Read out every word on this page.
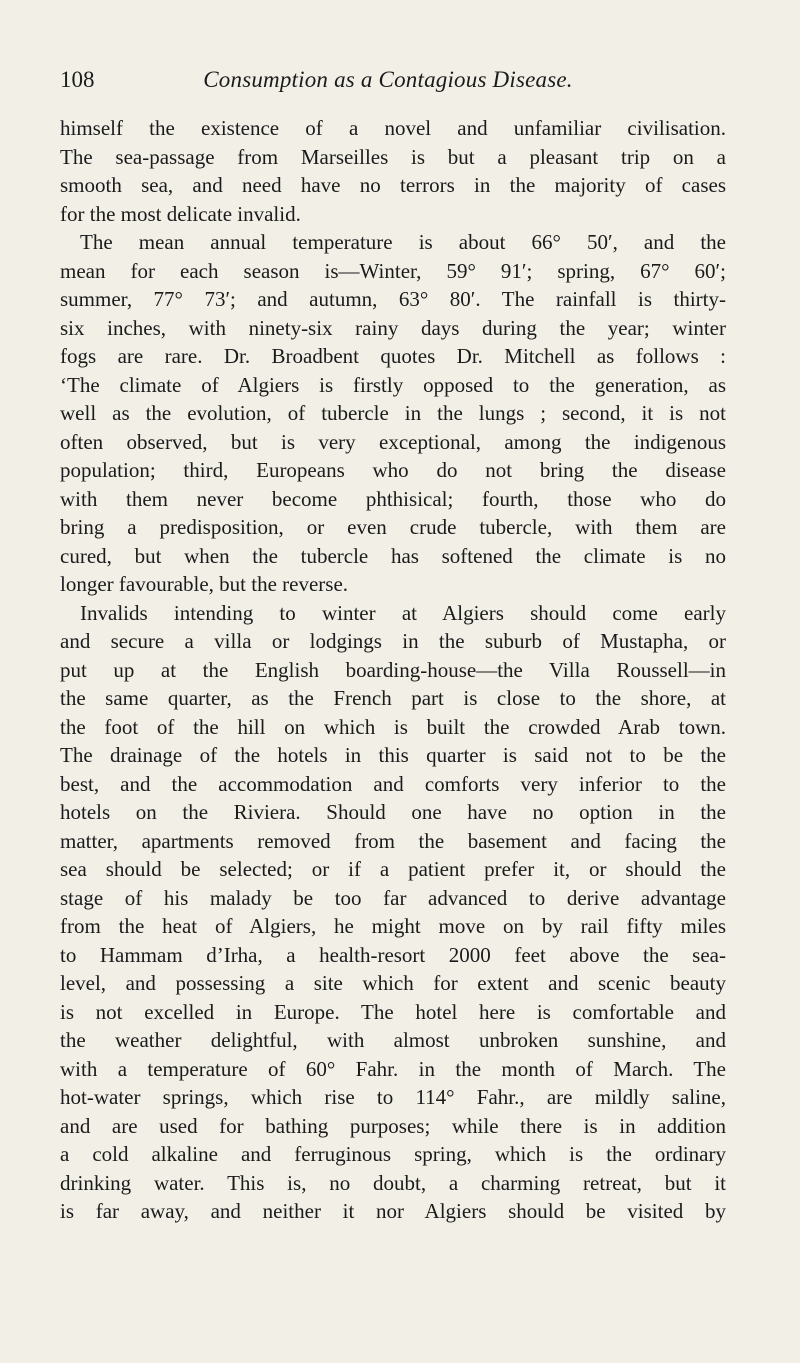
108	Consumption as a Contagious Disease.
himself the existence of a novel and unfamiliar civilisation.
The sea-passage from Marseilles is but a pleasant trip on a
smooth sea, and need have no terrors in the majority of cases
for the most delicate invalid.
The mean annual temperature is about 66° 50′, and the
mean for each season is—Winter, 59° 91′; spring, 67° 60′;
summer, 77° 73′; and autumn, 63° 80′. The rainfall is thirty-
six inches, with ninety-six rainy days during the year; winter
fogs are rare. Dr. Broadbent quotes Dr. Mitchell as follows :
‘The climate of Algiers is firstly opposed to the generation, as
well as the evolution, of tubercle in the lungs ; second, it is not
often observed, but is very exceptional, among the indigenous
population; third, Europeans who do not bring the disease
with them never become phthisical; fourth, those who do
bring a predisposition, or even crude tubercle, with them are
cured, but when the tubercle has softened the climate is no
longer favourable, but the reverse.
Invalids intending to winter at Algiers should come early
and secure a villa or lodgings in the suburb of Mustapha, or
put up at the English boarding-house—the Villa Roussell—in
the same quarter, as the French part is close to the shore, at
the foot of the hill on which is built the crowded Arab town.
The drainage of the hotels in this quarter is said not to be the
best, and the accommodation and comforts very inferior to the
hotels on the Riviera. Should one have no option in the
matter, apartments removed from the basement and facing the
sea should be selected; or if a patient prefer it, or should the
stage of his malady be too far advanced to derive advantage
from the heat of Algiers, he might move on by rail fifty miles
to Hammam d’Irha, a health-resort 2000 feet above the sea-
level, and possessing a site which for extent and scenic beauty
is not excelled in Europe. The hotel here is comfortable and
the weather delightful, with almost unbroken sunshine, and
with a temperature of 60° Fahr. in the month of March. The
hot-water springs, which rise to 114° Fahr., are mildly saline,
and are used for bathing purposes; while there is in addition
a cold alkaline and ferruginous spring, which is the ordinary
drinking water. This is, no doubt, a charming retreat, but it
is far away, and neither it nor Algiers should be visited by
